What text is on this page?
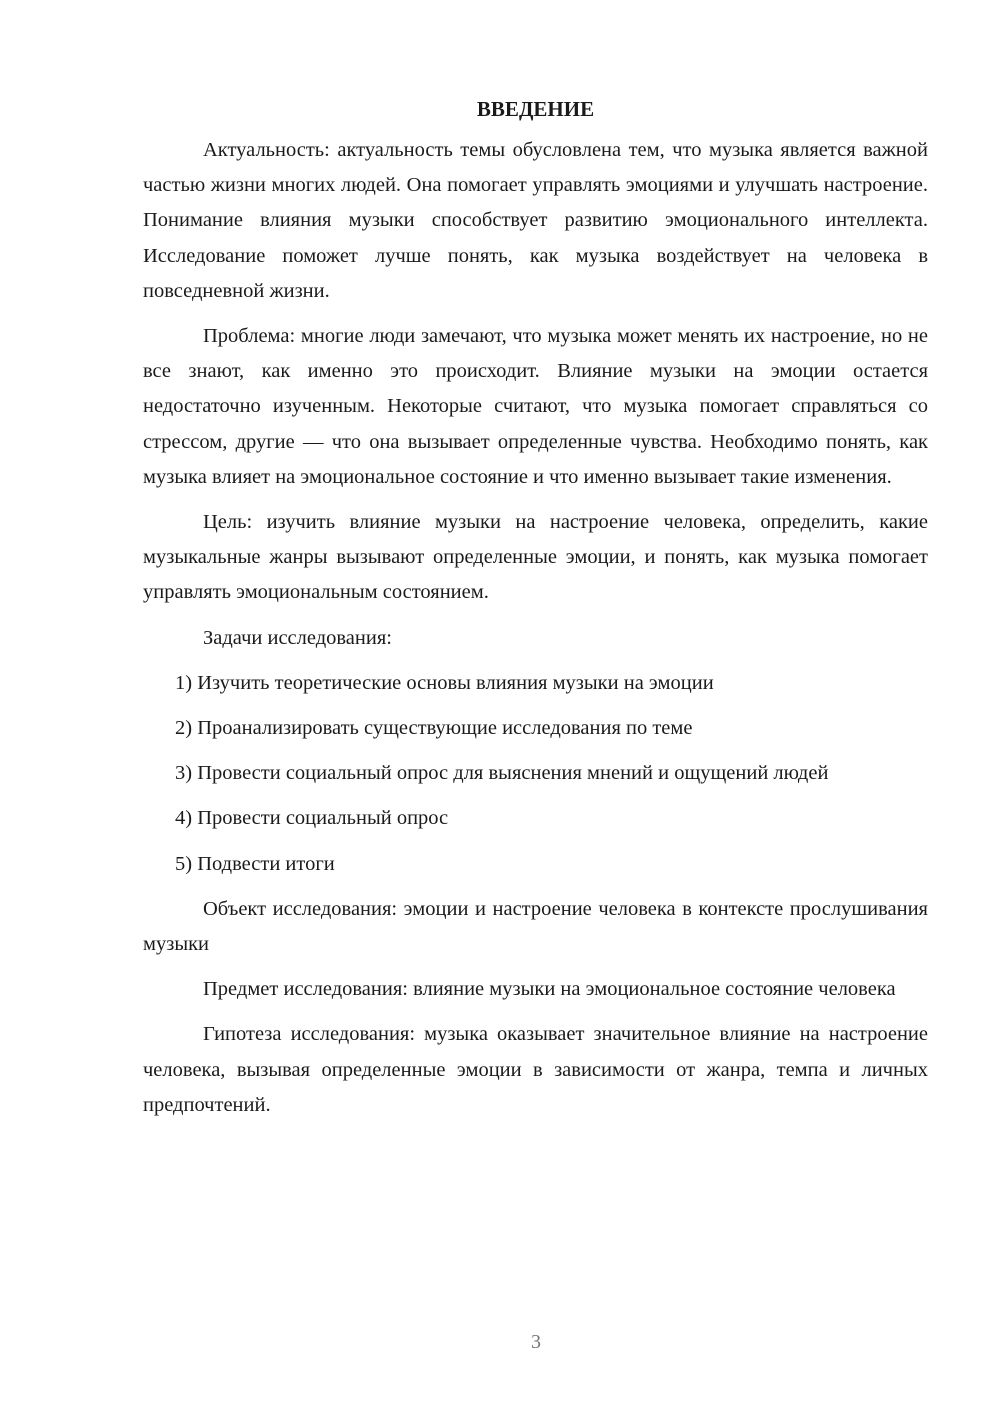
ВВЕДЕНИЕ

Актуальность: актуальность темы обусловлена тем, что музыка является важной частью жизни многих людей. Она помогает управлять эмоциями и улучшать настроение. Понимание влияния музыки способствует развитию эмоционального интеллекта. Исследование поможет лучше понять, как музыка воздействует на человека в повседневной жизни.

Проблема: многие люди замечают, что музыка может менять их настроение, но не все знают, как именно это происходит. Влияние музыки на эмоции остается недостаточно изученным. Некоторые считают, что музыка помогает справляться со стрессом, другие — что она вызывает определенные чувства. Необходимо понять, как музыка влияет на эмоциональное состояние и что именно вызывает такие изменения.

Цель: изучить влияние музыки на настроение человека, определить, какие музыкальные жанры вызывают определенные эмоции, и понять, как музыка помогает управлять эмоциональным состоянием.

Задачи исследования:

1) Изучить теоретические основы влияния музыки на эмоции

2) Проанализировать существующие исследования по теме

3) Провести социальный опрос для выяснения мнений и ощущений людей

4) Провести социальный опрос

5) Подвести итоги

Объект исследования: эмоции и настроение человека в контексте прослушивания музыки

Предмет исследования: влияние музыки на эмоциональное состояние человека

Гипотеза исследования: музыка оказывает значительное влияние на настроение человека, вызывая определенные эмоции в зависимости от жанра, темпа и личных предпочтений.

3
